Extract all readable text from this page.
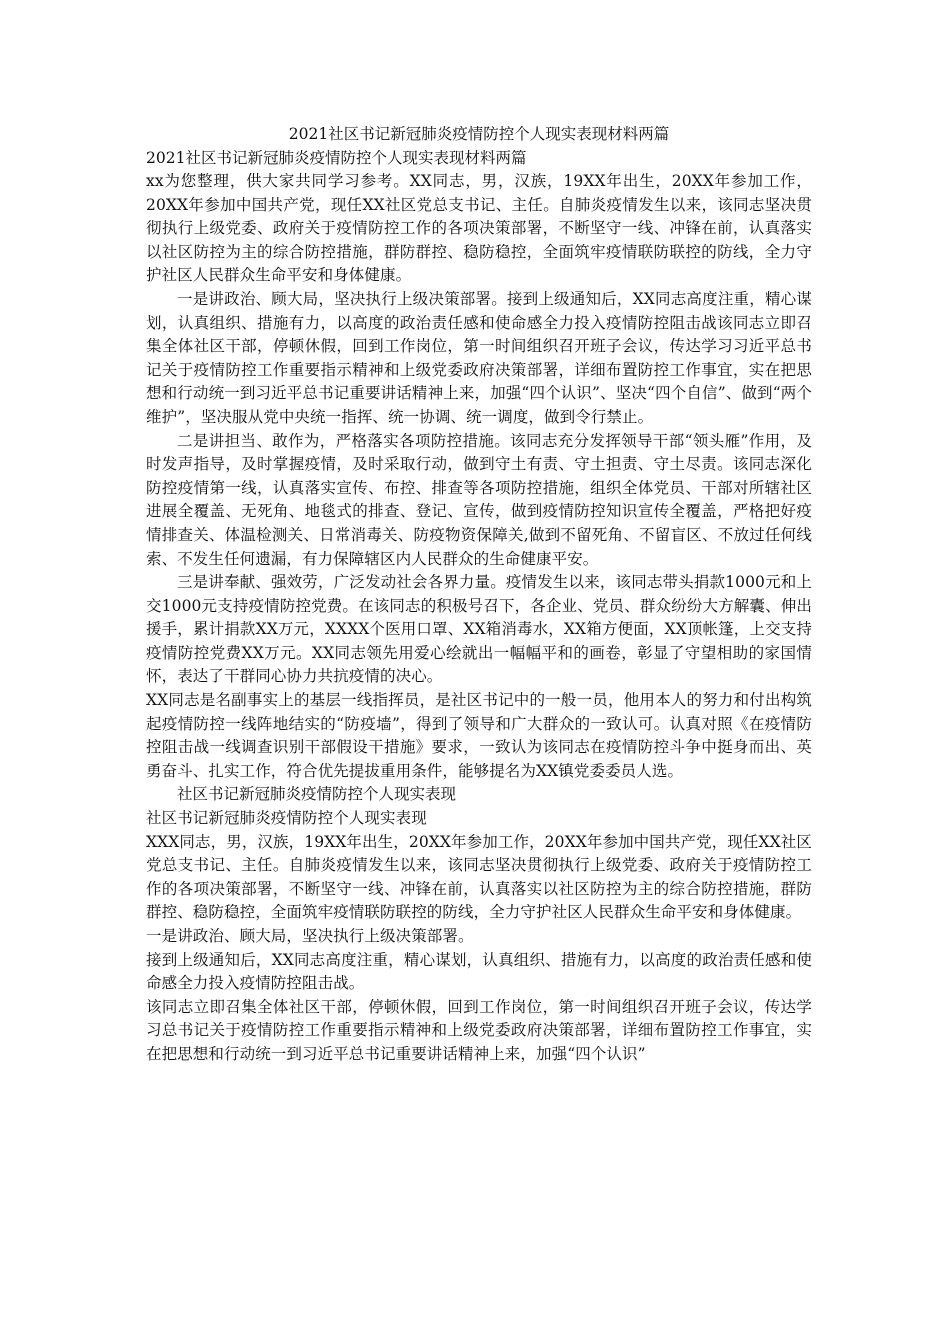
2021社区书记新冠肺炎疫情防控个人现实表现材料两篇
2021社区书记新冠肺炎疫情防控个人现实表现材料两篇

xx为您整理，供大家共同学习参考。XX同志，男，汉族，19XX年出生，20XX年参加工作，20XX年参加中国共产党，现任XX社区党总支书记、主任。自肺炎疫情发生以来，该同志坚决贯彻执行上级党委、政府关于疫情防控工作的各项决策部署，不断坚守一线、冲锋在前，认真落实以社区防控为主的综合防控措施，群防群控、稳防稳控，全面筑牢疫情联防联控的防线，全力守护社区人民群众生命平安和身体健康。

一是讲政治、顾大局，坚决执行上级决策部署。接到上级通知后，XX同志高度注重，精心谋划，认真组织、措施有力，以高度的政治责任感和使命感全力投入疫情防控阻击战该同志立即召集全体社区干部，停顿休假，回到工作岗位，第一时间组织召开班子会议，传达学习习近平总书记关于疫情防控工作重要指示精神和上级党委政府决策部署，详细布置防控工作事宜，实在把思想和行动统一到习近平总书记重要讲话精神上来，加强“四个认识”、坚决“四个自信”、做到“两个维护”，坚决服从党中央统一指挥、统一协调、统一调度，做到令行禁止。

二是讲担当、敢作为，严格落实各项防控措施。该同志充分发挥领导干部“领头雁”作用，及时发声指导，及时掌握疫情，及时采取行动，做到守土有责、守土担责、守土尽责。该同志深化防控疫情第一线，认真落实宣传、布控、排查等各项防控措施，组织全体党员、干部对所辖社区进展全覆盖、无死角、地毯式的排查、登记、宣传，做到疫情防控知识宣传全覆盖，严格把好疫情排查关、体温检测关、日常消毒关、防疫物资保障关,做到不留死角、不留盲区、不放过任何线索、不发生任何遗漏，有力保障辖区内人民群众的生命健康平安。

三是讲奉献、强效劳，广泛发动社会各界力量。疫情发生以来，该同志带头捐款1000元和上交1000元支持疫情防控党费。在该同志的积极号召下，各企业、党员、群众纷纷大方解囊、伸出援手，累计捐款XX万元，XXXX个医用口罩、XX箱消毒水，XX箱方便面，XX顶帐篷，上交支持疫情防控党费XX万元。XX同志领先用爱心绘就出一幅幅平和的画卷，彰显了守望相助的家国情怀，表达了干群同心协力共抗疫情的决心。

XX同志是名副事实上的基层一线指挥员，是社区书记中的一般一员，他用本人的努力和付出构筑起疫情防控一线阵地结实的“防疫墙”，得到了领导和广大群众的一致认可。认真对照《在疫情防控阻击战一线调查识别干部假设干措施》要求，一致认为该同志在疫情防控斗争中挺身而出、英勇奋斗、扎实工作，符合优先提拔重用条件，能够提名为XX镇党委委员人选。

社区书记新冠肺炎疫情防控个人现实表现

社区书记新冠肺炎疫情防控个人现实表现

XXX同志，男，汉族，19XX年出生，20XX年参加工作，20XX年参加中国共产党，现任XX社区党总支书记、主任。自肺炎疫情发生以来，该同志坚决贯彻执行上级党委、政府关于疫情防控工作的各项决策部署，不断坚守一线、冲锋在前，认真落实以社区防控为主的综合防控措施，群防群控、稳防稳控，全面筑牢疫情联防联控的防线，全力守护社区人民群众生命平安和身体健康。

一是讲政治、顾大局，坚决执行上级决策部署。

接到上级通知后，XX同志高度注重，精心谋划，认真组织、措施有力，以高度的政治责任感和使命感全力投入疫情防控阻击战。

该同志立即召集全体社区干部，停顿休假，回到工作岗位，第一时间组织召开班子会议，传达学习总书记关于疫情防控工作重要指示精神和上级党委政府决策部署，详细布置防控工作事宜，实在把思想和行动统一到习近平总书记重要讲话精神上来，加强“四个认识”
